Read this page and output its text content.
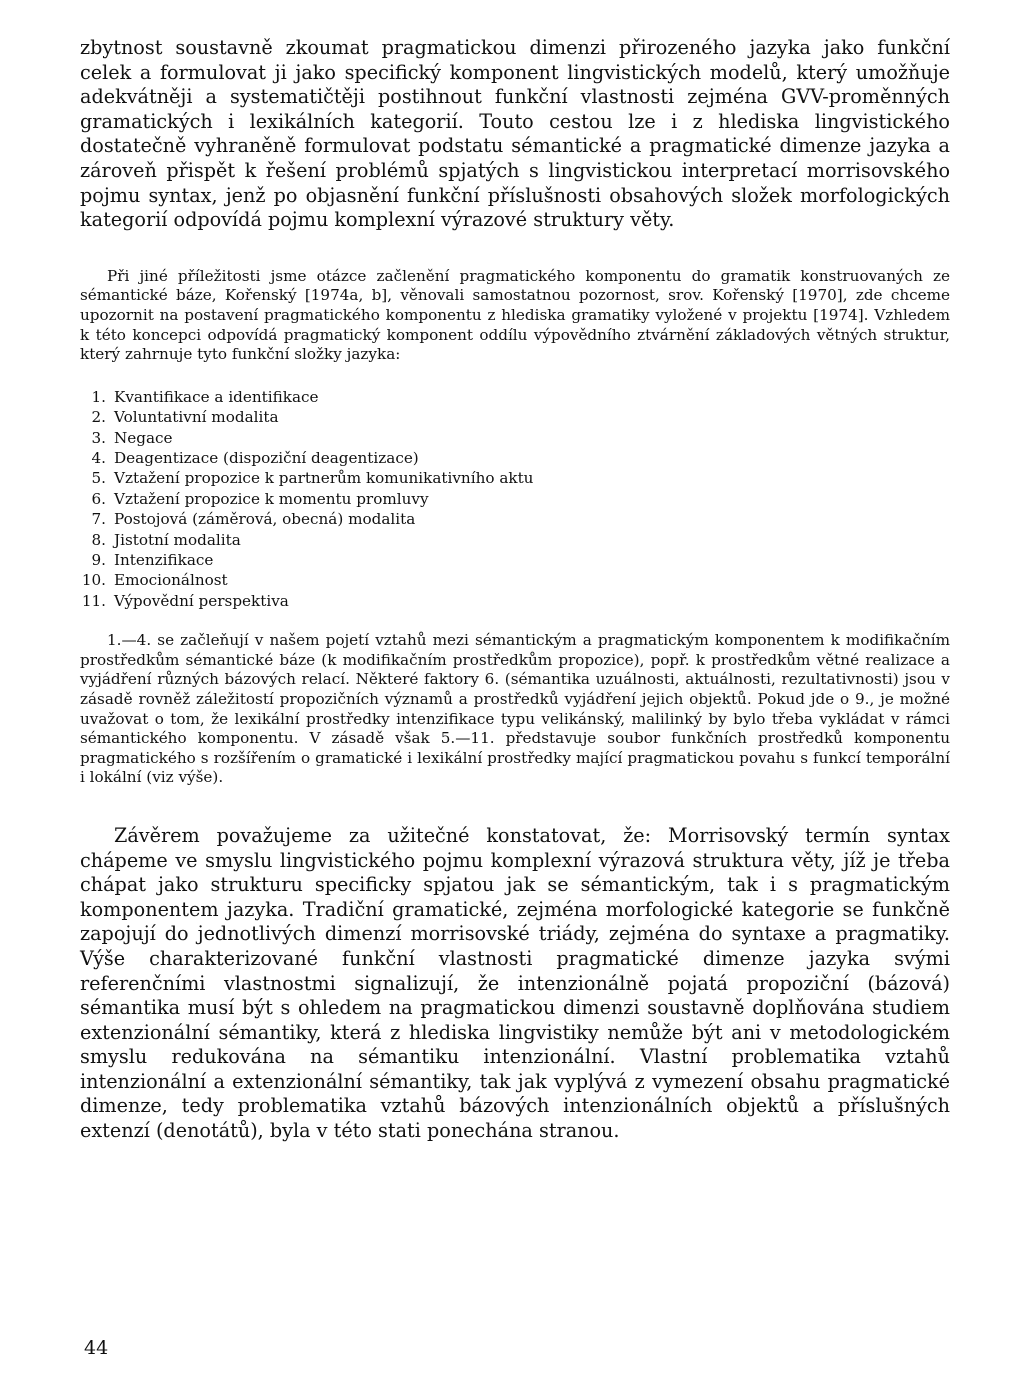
zbytnost soustavně zkoumat pragmatickou dimenzi přirozeného jazyka jako funkční celek a formulovat ji jako specifický komponent lingvistických modelů, který umožňuje adekvátněji a systematičtěji postihnout funkční vlastnosti zejména GVV-proměnných gramatických i lexikálních kategorií. Touto cestou lze i z hlediska lingvistického dostatečně vyhraněně formulovat podstatu sémantické a pragmatické dimenze jazyka a zároveň přispět k řešení problémů spjatých s lingvistickou interpretací morrisovského pojmu syntax, jenž po objasnění funkční příslušnosti obsahových složek morfologických kategorií odpovídá pojmu komplexní výrazové struktury věty.

Při jiné příležitosti jsme otázce začlenění pragmatického komponentu do gramatik konstruovaných ze sémantické báze, Kořenský [1974a, b], věnovali samostatnou pozornost, srov. Kořenský [1970], zde chceme upozornit na postavení pragmatického komponentu z hlediska gramatiky vyložené v projektu [1974]. Vzhledem k této koncepci odpovídá pragmatický komponent oddílu výpovědního ztvárnění základových větných struktur, který zahrnuje tyto funkční složky jazyka:

1. Kvantifikace a identifikace
2. Voluntativní modalita
3. Negace
4. Deagentizace (dispoziční deagentizace)
5. Vztažení propozice k partnerům komunikativního aktu
6. Vztažení propozice k momentu promluvy
7. Postojová (záměrová, obecná) modalita
8. Jistotní modalita
9. Intenzifikace
10. Emocionálnost
11. Výpovědní perspektiva

1.—4. se začleňují v našem pojetí vztahů mezi sémantickým a pragmatickým komponentem k modifikačním prostředkům sémantické báze (k modifikačním prostředkům propozice), popř. k prostředkům větné realizace a vyjádření různých bázových relací. Některé faktory 6. (sémantika uzuálnosti, aktuálnosti, rezultativnosti) jsou v zásadě rovněž záležitostí propozičních významů a prostředků vyjádření jejich objektů. Pokud jde o 9., je možné uvažovat o tom, že lexikální prostředky intenzifikace typu velikánský, malilinký by bylo třeba vykládat v rámci sémantického komponentu. V zásadě však 5.—11. představuje soubor funkčních prostředků komponentu pragmatického s rozšířením o gramatické i lexikální prostředky mající pragmatickou povahu s funkcí temporální i lokální (viz výše).

Závěrem považujeme za užitečné konstatovat, že: Morrisovský termín syntax chápeme ve smyslu lingvistického pojmu komplexní výrazová struktura věty, jíž je třeba chápat jako strukturu specificky spjatou jak se sémantickým, tak i s pragmatickým komponentem jazyka. Tradiční gramatické, zejména morfologické kategorie se funkčně zapojují do jednotlivých dimenzí morrisovské triády, zejména do syntaxe a pragmatiky. Výše charakterizované funkční vlastnosti pragmatické dimenze jazyka svými referenčními vlastnostmi signalizují, že intenzionálně pojatá propoziční (bázová) sémantika musí být s ohledem na pragmatickou dimenzi soustavně doplňována studiem extenzionální sémantiky, která z hlediska lingvistiky nemůže být ani v metodologickém smyslu redukována na sémantiku intenzionální. Vlastní problematika vztahů intenzionální a extenzionální sémantiky, tak jak vyplývá z vymezení obsahu pragmatické dimenze, tedy problematika vztahů bázových intenzionálních objektů a příslušných extenzí (denotátů), byla v této stati ponechána stranou.

44
